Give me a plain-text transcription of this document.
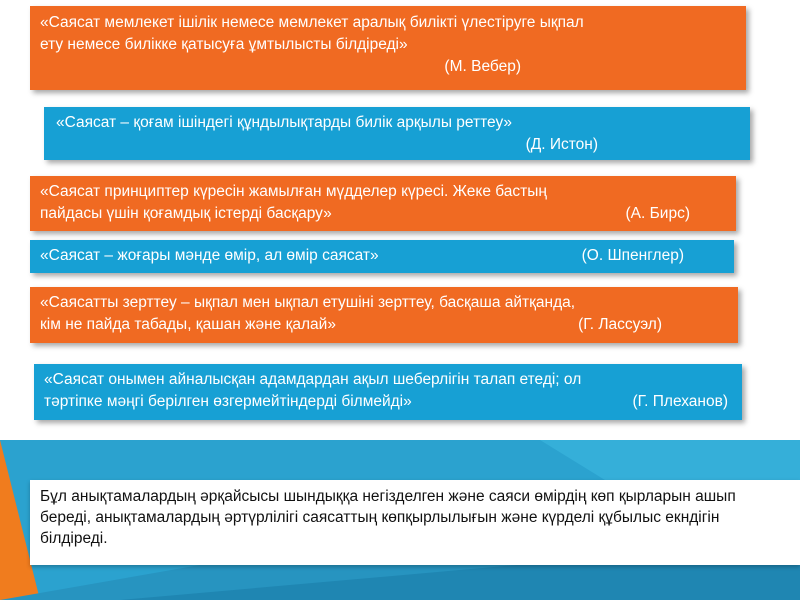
«Саясат мемлекет ішілік немесе мемлекет аралық билікті үлестіруге ықпал
ету немесе билікке қатысуға ұмтылысты білдіреді»
(М. Вебер)
«Саясат – қоғам ішіндегі құндылықтарды билік арқылы реттеу»
(Д. Истон)
«Саясат принциптер күресін жамылған мүдделер күресі. Жеке бастың
пайдасы үшін қоғамдық істерді басқару»	(А. Бирс)
«Саясат – жоғары мәнде өмір, ал өмір саясат»	(О. Шпенглер)
«Саясатты зерттеу – ықпал мен ықпал етушіні зерттеу, басқаша айтқанда,
кім не пайда табады, қашан және қалай»	(Г. Лассуэл)
«Саясат онымен айналысқан адамдардан ақыл шеберлігін талап етеді; ол
тәртіпке мәңгі берілген өзгермейтіндерді білмейді»	(Г. Плеханов)
Бұл анықтамалардың әрқайсысы шындыққа негізделген және саяси өмірдің көп қырларын ашып береді, анықтамалардың әртүрлілігі саясаттың көпқырлылығын және күрделі құбылыс екндігін білдіреді.
